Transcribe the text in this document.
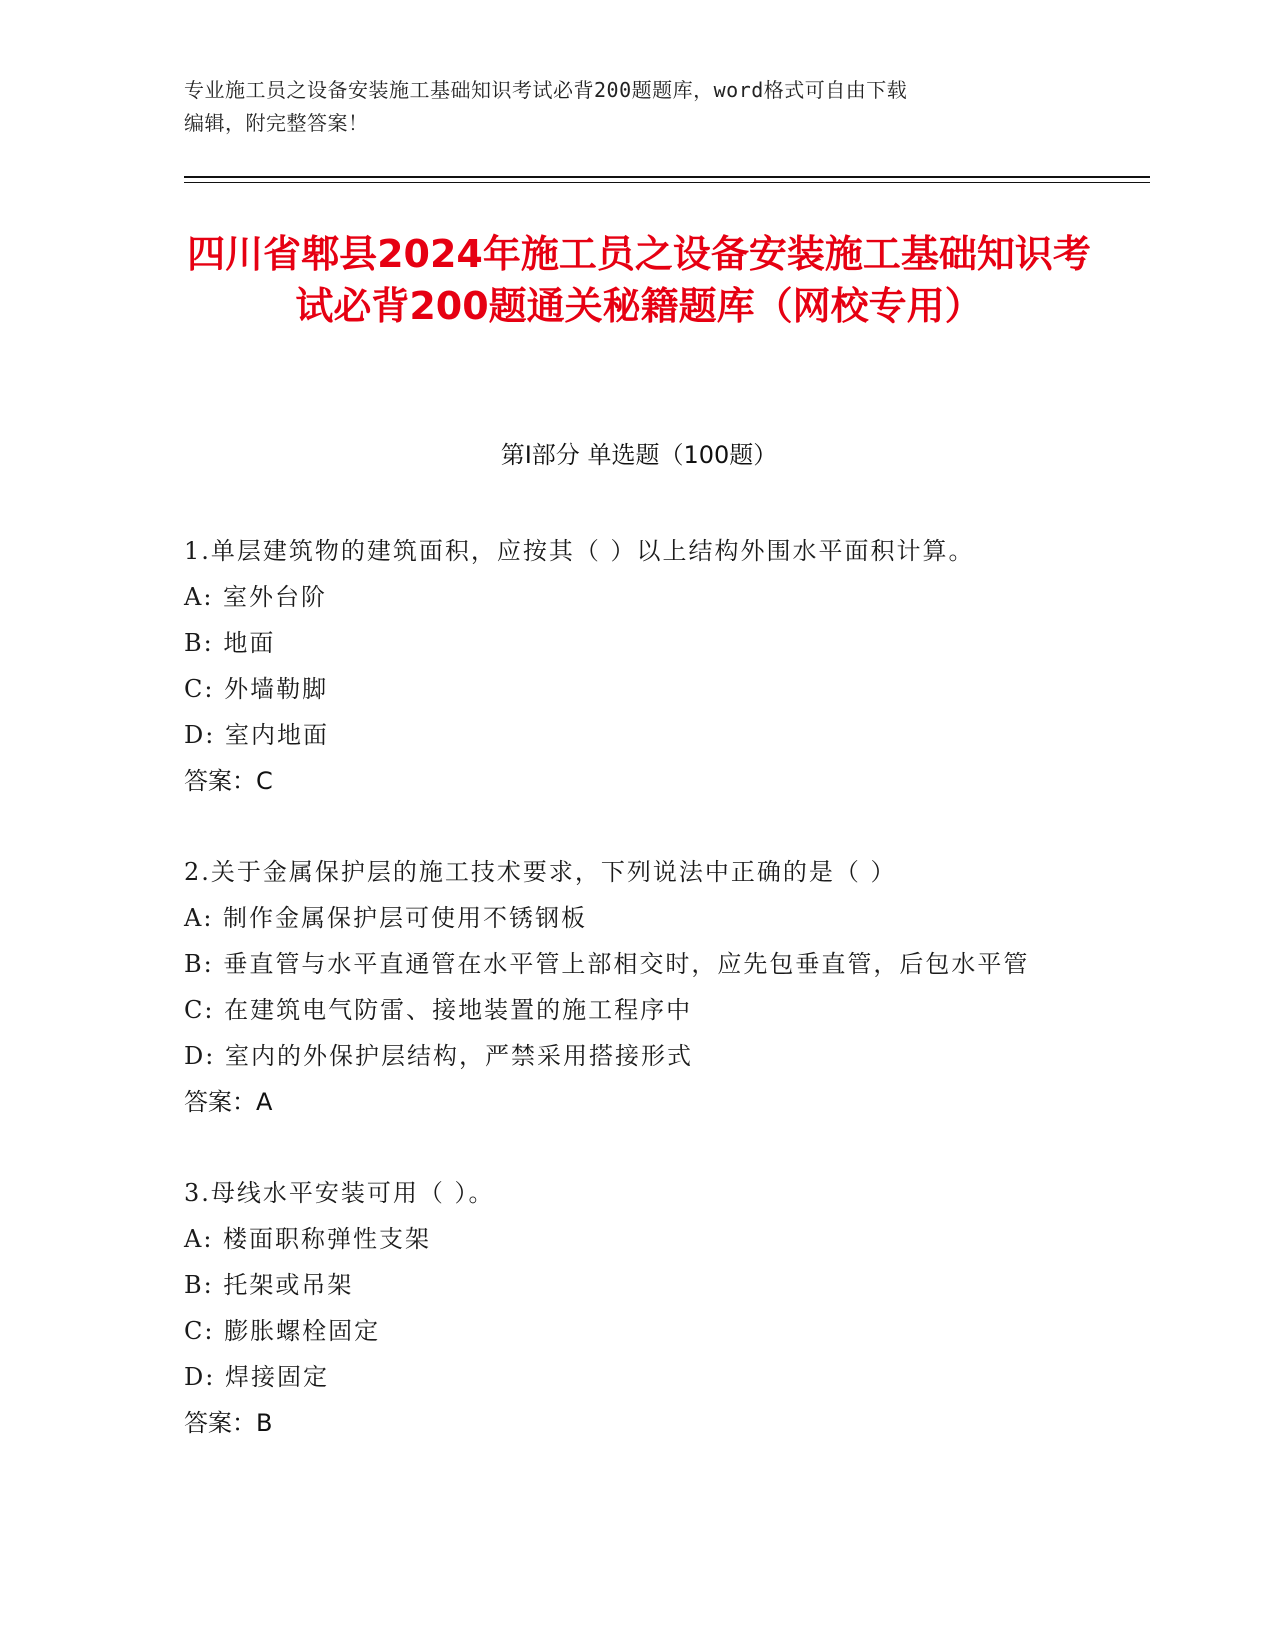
专业施工员之设备安装施工基础知识考试必背200题题库，word格式可自由下载
编辑，附完整答案！
四川省郫县2024年施工员之设备安装施工基础知识考试必背200题通关秘籍题库（网校专用）
第Ⅰ部分 单选题（100题）
1.单层建筑物的建筑面积，应按其（ ）以上结构外围水平面积计算。
A: 室外台阶
B: 地面
C: 外墙勒脚
D: 室内地面
答案：C
2.关于金属保护层的施工技术要求，下列说法中正确的是（ ）
A: 制作金属保护层可使用不锈钢板
B: 垂直管与水平直通管在水平管上部相交时，应先包垂直管，后包水平管
C: 在建筑电气防雷、接地装置的施工程序中
D: 室内的外保护层结构，严禁采用搭接形式
答案：A
3.母线水平安装可用（ ）。
A: 楼面职称弹性支架
B: 托架或吊架
C: 膨胀螺栓固定
D: 焊接固定
答案：B
